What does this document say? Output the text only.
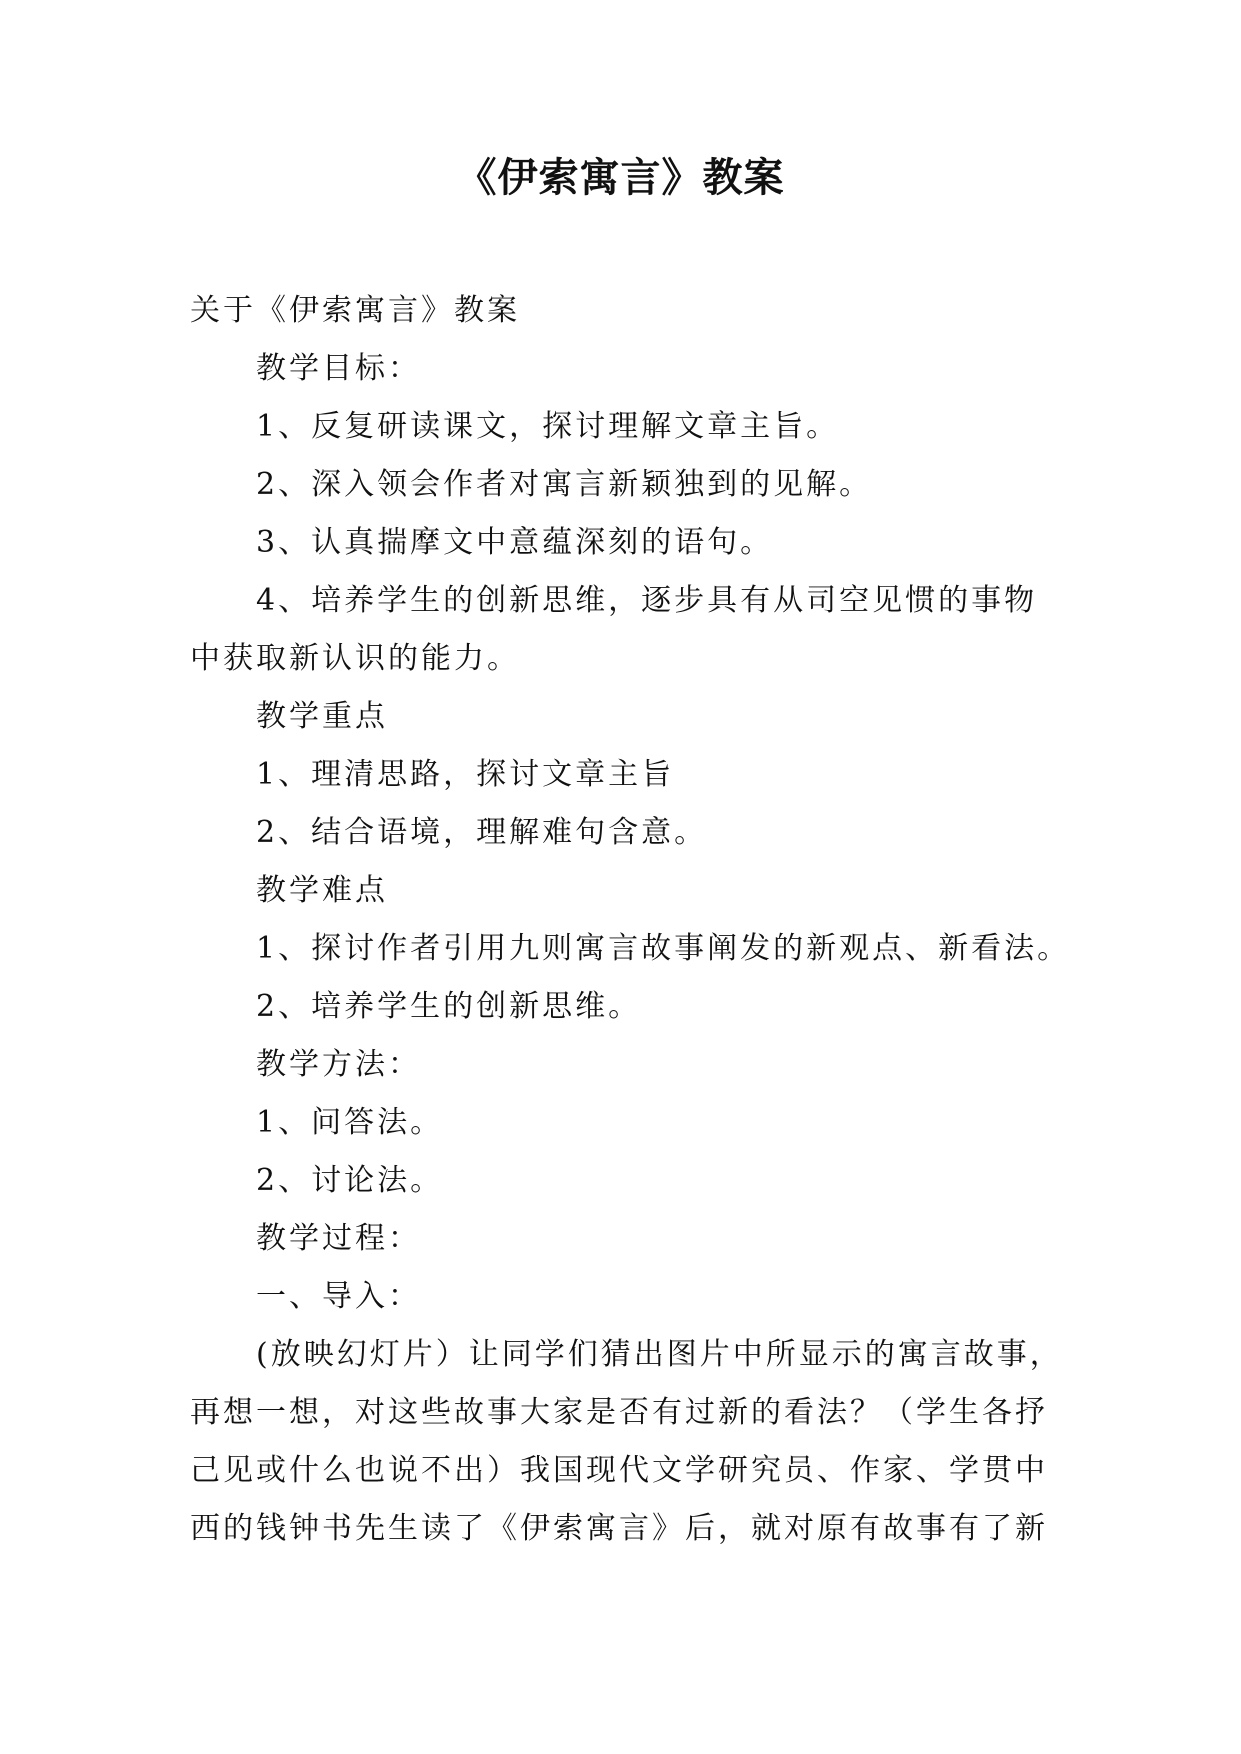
《伊索寓言》教案

关于《伊索寓言》教案

教学目标：

1、反复研读课文，探讨理解文章主旨。

2、深入领会作者对寓言新颖独到的见解。

3、认真揣摩文中意蕴深刻的语句。

4、培养学生的创新思维，逐步具有从司空见惯的事物

中获取新认识的能力。

教学重点

1、理清思路，探讨文章主旨

2、结合语境，理解难句含意。

教学难点

1、探讨作者引用九则寓言故事阐发的新观点、新看法。

2、培养学生的创新思维。

教学方法：

1、问答法。

2、讨论法。

教学过程：

一、导入：

(放映幻灯片）让同学们猜出图片中所显示的寓言故事，

再想一想，对这些故事大家是否有过新的看法？（学生各抒

己见或什么也说不出）我国现代文学研究员、作家、学贯中

西的钱钟书先生读了《伊索寓言》后，就对原有故事有了新
